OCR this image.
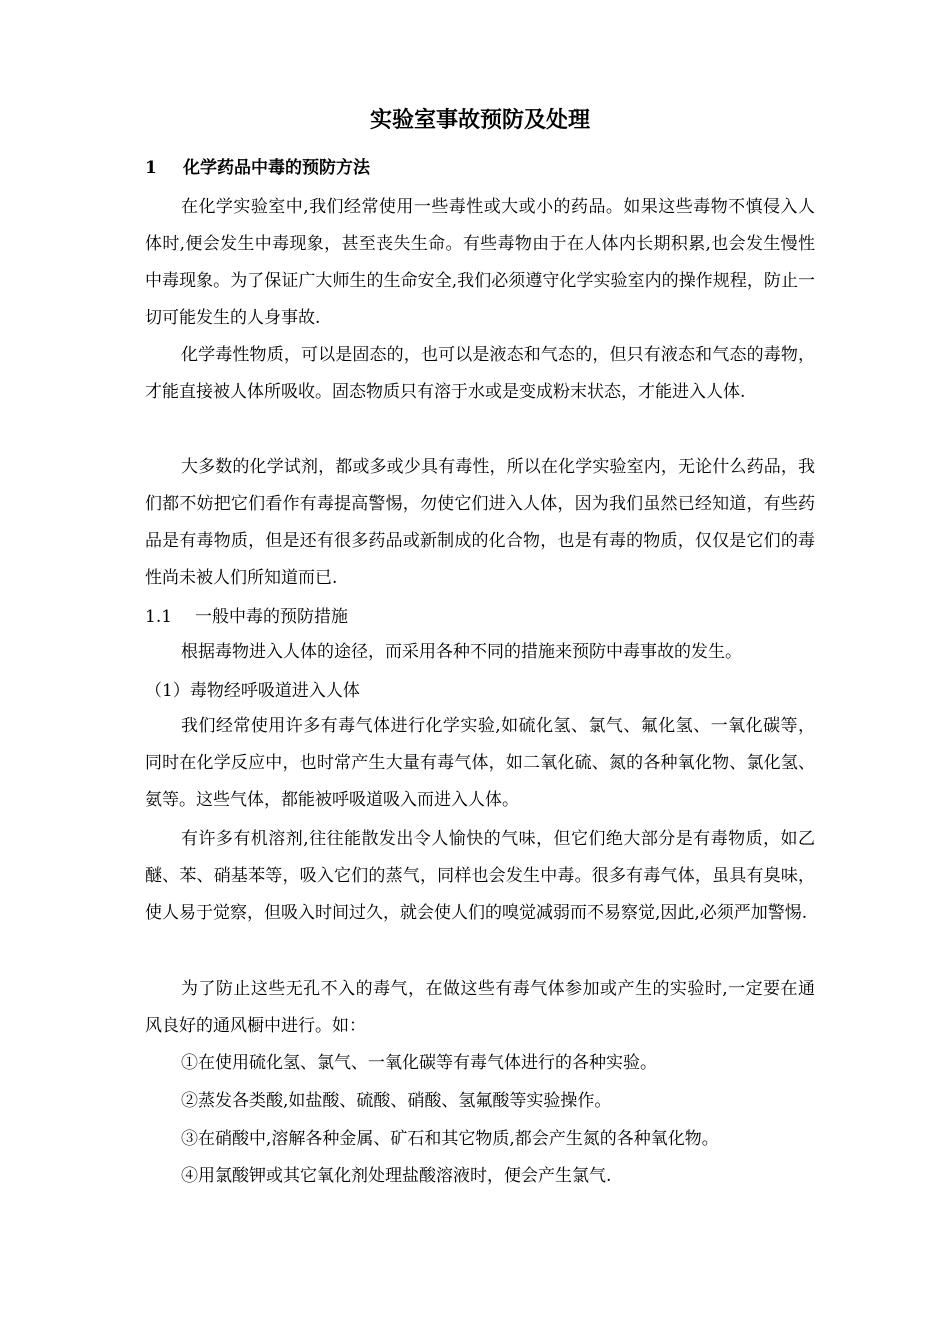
实验室事故预防及处理
1 化学药品中毒的预防方法

在化学实验室中,我们经常使用一些毒性或大或小的药品。如果这些毒物不慎侵入人体时,便会发生中毒现象，甚至丧失生命。有些毒物由于在人体内长期积累,也会发生慢性中毒现象。为了保证广大师生的生命安全,我们必须遵守化学实验室内的操作规程，防止一切可能发生的人身事故.

化学毒性物质，可以是固态的，也可以是液态和气态的，但只有液态和气态的毒物，才能直接被人体所吸收。固态物质只有溶于水或是变成粉末状态，才能进入人体.

大多数的化学试剂，都或多或少具有毒性，所以在化学实验室内，无论什么药品，我们都不妨把它们看作有毒提高警惕，勿使它们进入人体，因为我们虽然已经知道，有些药品是有毒物质，但是还有很多药品或新制成的化合物，也是有毒的物质，仅仅是它们的毒性尚未被人们所知道而已.

1.1 一般中毒的预防措施

根据毒物进入人体的途径，而采用各种不同的措施来预防中毒事故的发生。

（1）毒物经呼吸道进入人体

我们经常使用许多有毒气体进行化学实验,如硫化氢、氯气、氟化氢、一氧化碳等，同时在化学反应中，也时常产生大量有毒气体，如二氧化硫、氮的各种氧化物、氯化氢、氨等。这些气体，都能被呼吸道吸入而进入人体。

有许多有机溶剂,往往能散发出令人愉快的气味，但它们绝大部分是有毒物质，如乙醚、苯、硝基苯等，吸入它们的蒸气，同样也会发生中毒。很多有毒气体，虽具有臭味，使人易于觉察，但吸入时间过久，就会使人们的嗅觉减弱而不易察觉,因此,必须严加警惕.

为了防止这些无孔不入的毒气，在做这些有毒气体参加或产生的实验时,一定要在通风良好的通风橱中进行。如：

①在使用硫化氢、氯气、一氧化碳等有毒气体进行的各种实验。
②蒸发各类酸,如盐酸、硫酸、硝酸、氢氟酸等实验操作。
③在硝酸中,溶解各种金属、矿石和其它物质,都会产生氮的各种氧化物。
④用氯酸钾或其它氧化剂处理盐酸溶液时，便会产生氯气.
